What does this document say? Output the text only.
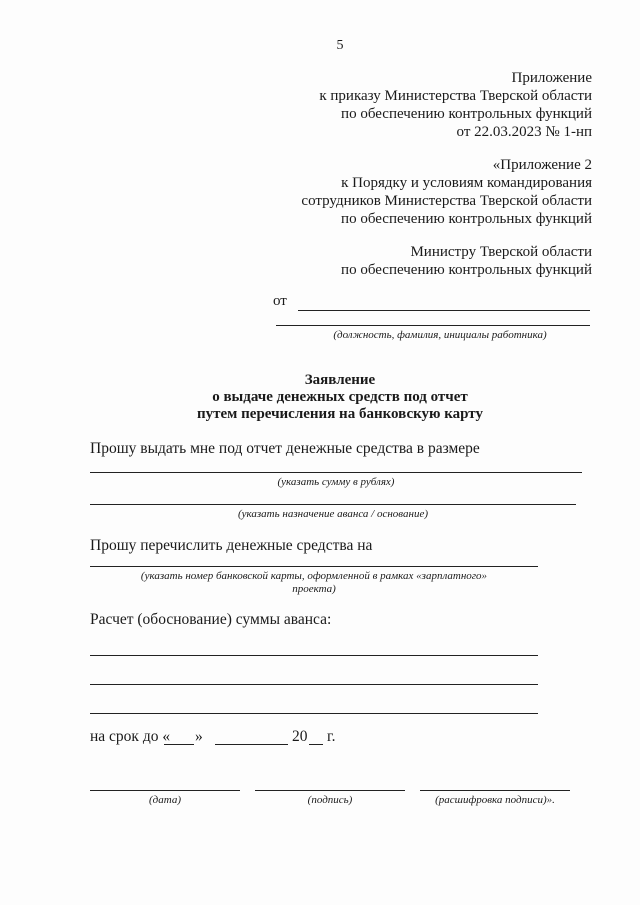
5
Приложение
к приказу Министерства Тверской области
по обеспечению контрольных функций
от 22.03.2023 № 1-нп
«Приложение 2
к Порядку и условиям командирования
сотрудников Министерства Тверской области
по обеспечению контрольных функций
Министру Тверской области
по обеспечению контрольных функций
от
(должность, фамилия, инициалы работника)
Заявление
о выдаче денежных средств под отчет
путем перечисления на банковскую карту
Прошу выдать мне под отчет денежные средства в размере
(указать сумму в рублях)
(указать назначение аванса / основание)
Прошу перечислить денежные средства на
(указать номер банковской карты, оформленной в рамках «зарплатного»
проекта)
Расчет (обоснование) суммы аванса:
на срок до « »	20 г.
(дата)	(подпись)	(расшифровка подписи)».
